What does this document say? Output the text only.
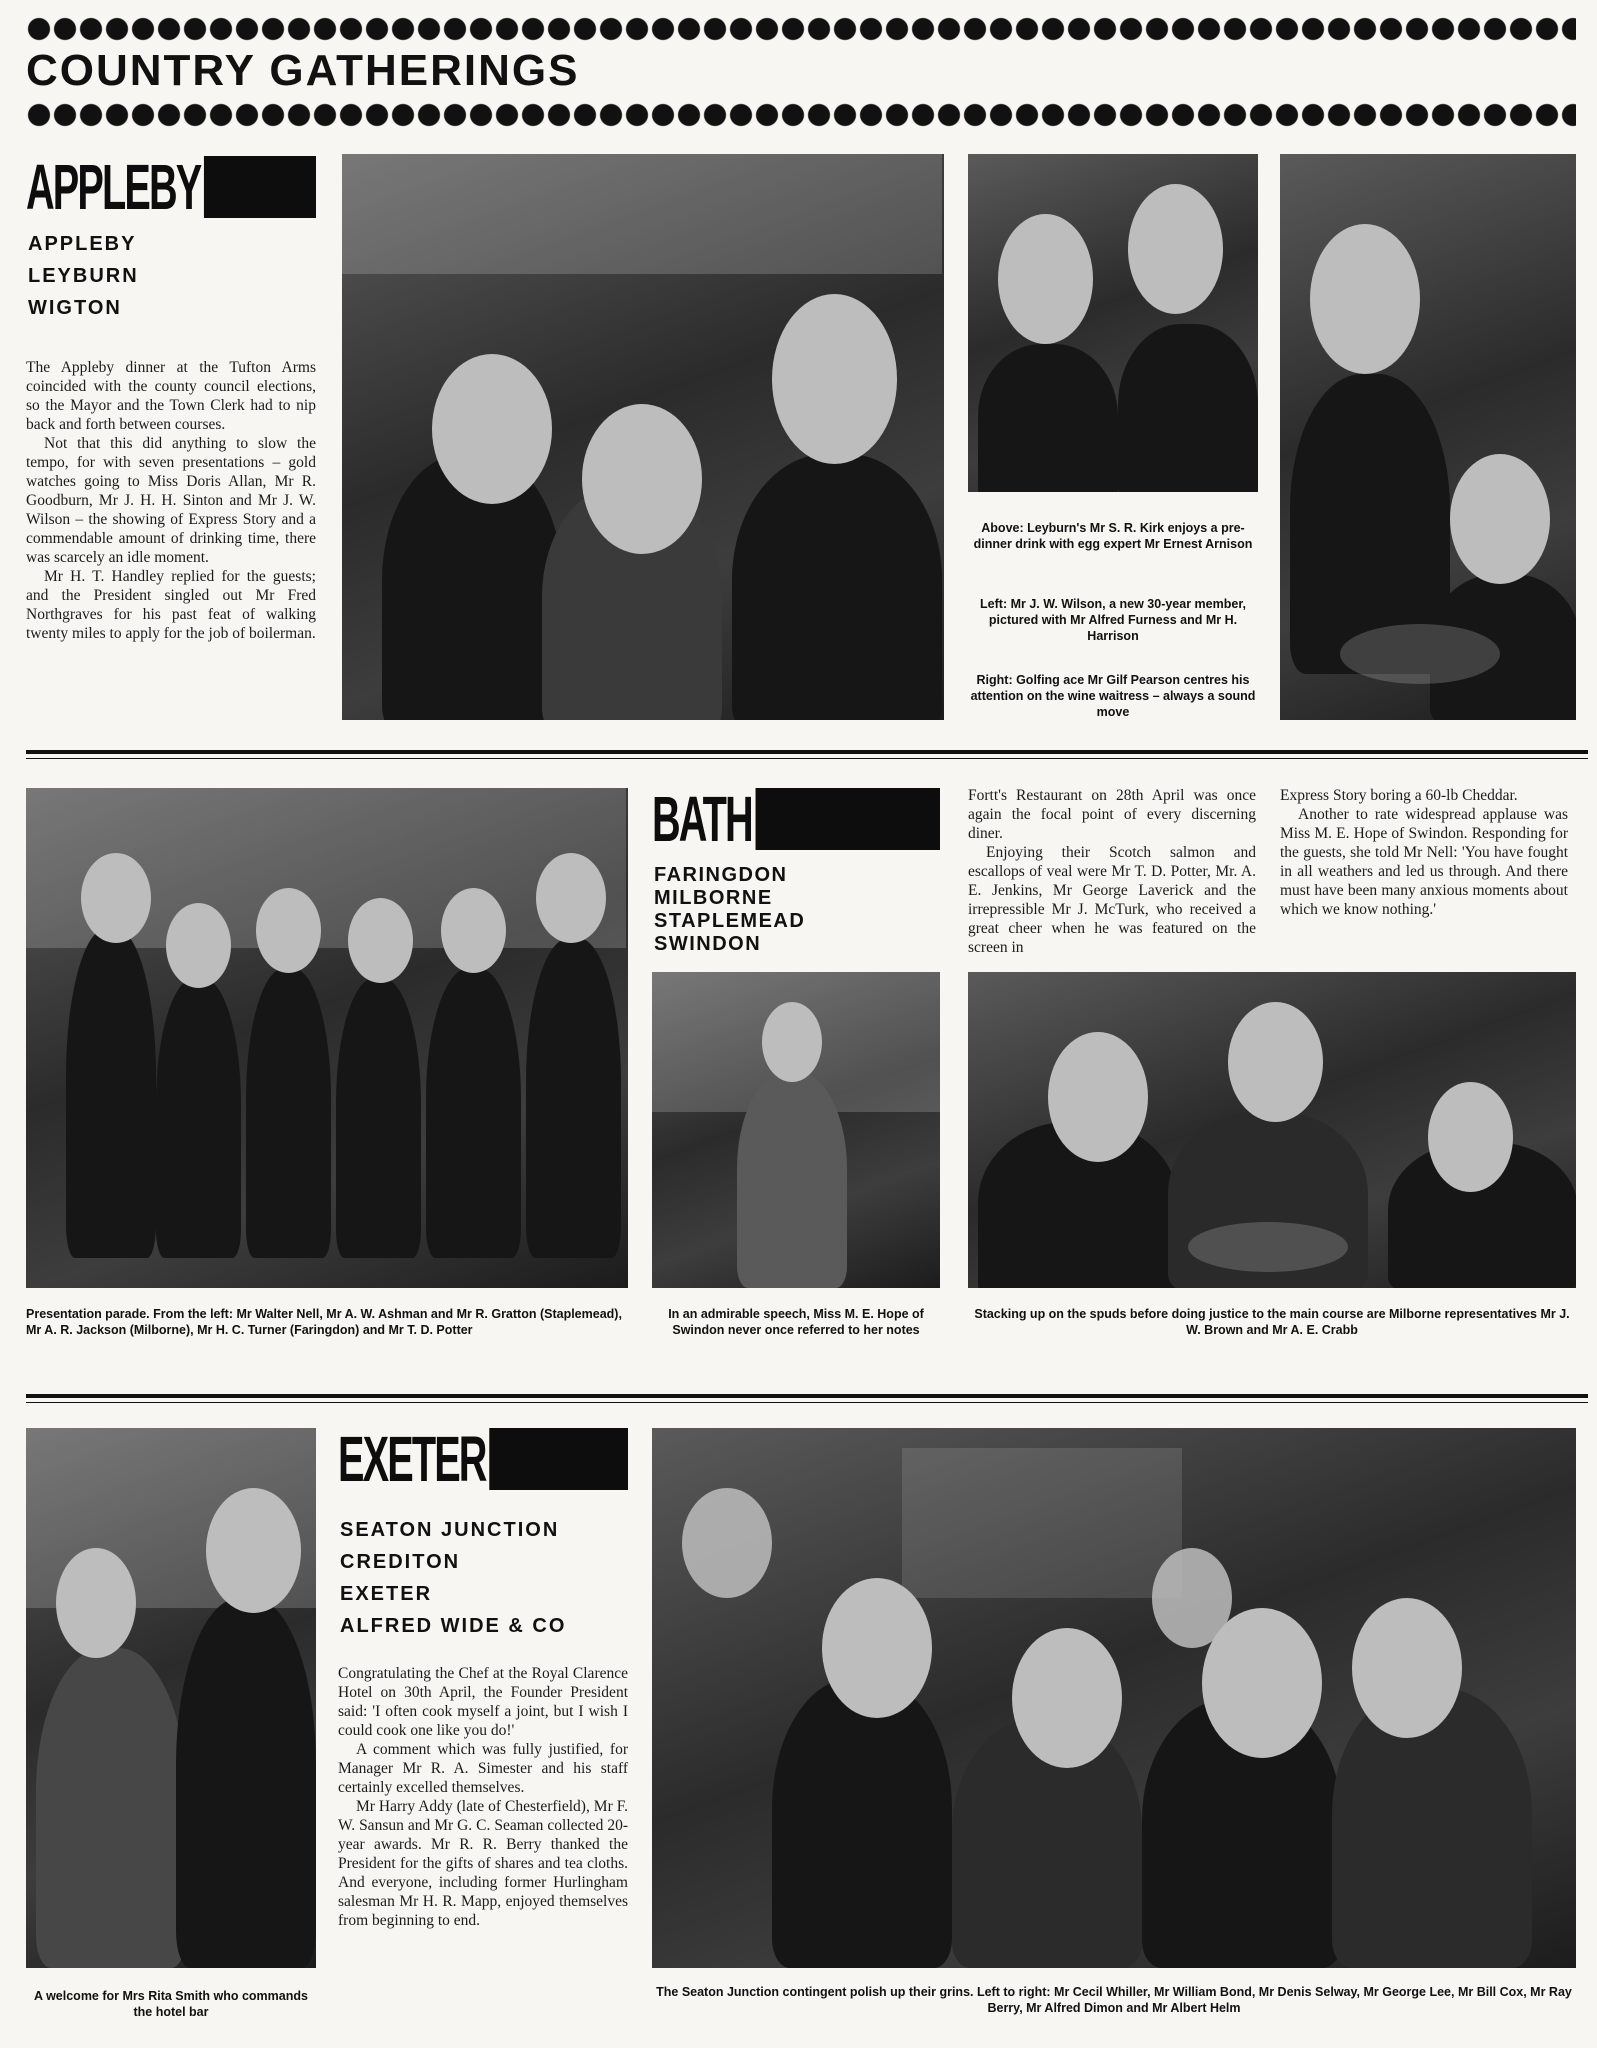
COUNTRY GATHERINGS
APPLEBY
APPLEBY
LEYBURN
WIGTON

The Appleby dinner at the Tufton Arms coincided with the county council elections, so the Mayor and the Town Clerk had to nip back and forth between courses.

Not that this did anything to slow the tempo, for with seven presentations – gold watches going to Miss Doris Allan, Mr R. Goodburn, Mr J. H. H. Sinton and Mr J. W. Wilson – the showing of Express Story and a commendable amount of drinking time, there was scarcely an idle moment.

Mr H. T. Handley replied for the guests; and the President singled out Mr Fred Northgraves for his past feat of walking twenty miles to apply for the job of boilerman.

Above: Leyburn's Mr S. R. Kirk enjoys a pre-dinner drink with egg expert Mr Ernest Arnison
Left: Mr J. W. Wilson, a new 30-year member, pictured with Mr Alfred Furness and Mr H. Harrison
Right: Golfing ace Mr Gilf Pearson centres his attention on the wine waitress – always a sound move
Presentation parade. From the left: Mr Walter Nell, Mr A. W. Ashman and Mr R. Gratton (Staplemead), Mr A. R. Jackson (Milborne), Mr H. C. Turner (Faringdon) and Mr T. D. Potter
BATH
FARINGDON
MILBORNE
STAPLEMEAD
SWINDON

Fortt's Restaurant on 28th April was once again the focal point of every discerning diner.

Enjoying their Scotch salmon and escallops of veal were Mr T. D. Potter, Mr. A. E. Jenkins, Mr George Laverick and the irrepressible Mr J. McTurk, who received a great cheer when he was featured on the screen in

Express Story boring a 60-lb Cheddar.

Another to rate widespread applause was Miss M. E. Hope of Swindon. Responding for the guests, she told Mr Nell: 'You have fought in all weathers and led us through. And there must have been many anxious moments about which we know nothing.'

In an admirable speech, Miss M. E. Hope of Swindon never once referred to her notes
Stacking up on the spuds before doing justice to the main course are Milborne representatives Mr J. W. Brown and Mr A. E. Crabb
A welcome for Mrs Rita Smith who commands the hotel bar
EXETER
SEATON JUNCTION
CREDITON
EXETER
ALFRED WIDE & CO

Congratulating the Chef at the Royal Clarence Hotel on 30th April, the Founder President said: 'I often cook myself a joint, but I wish I could cook one like you do!'

A comment which was fully justified, for Manager Mr R. A. Simester and his staff certainly excelled themselves.

Mr Harry Addy (late of Chesterfield), Mr F. W. Sansun and Mr G. C. Seaman collected 20-year awards. Mr R. R. Berry thanked the President for the gifts of shares and tea cloths. And everyone, including former Hurlingham salesman Mr H. R. Mapp, enjoyed themselves from beginning to end.

The Seaton Junction contingent polish up their grins. Left to right: Mr Cecil Whiller, Mr William Bond, Mr Denis Selway, Mr George Lee, Mr Bill Cox, Mr Ray Berry, Mr Alfred Dimon and Mr Albert Helm
